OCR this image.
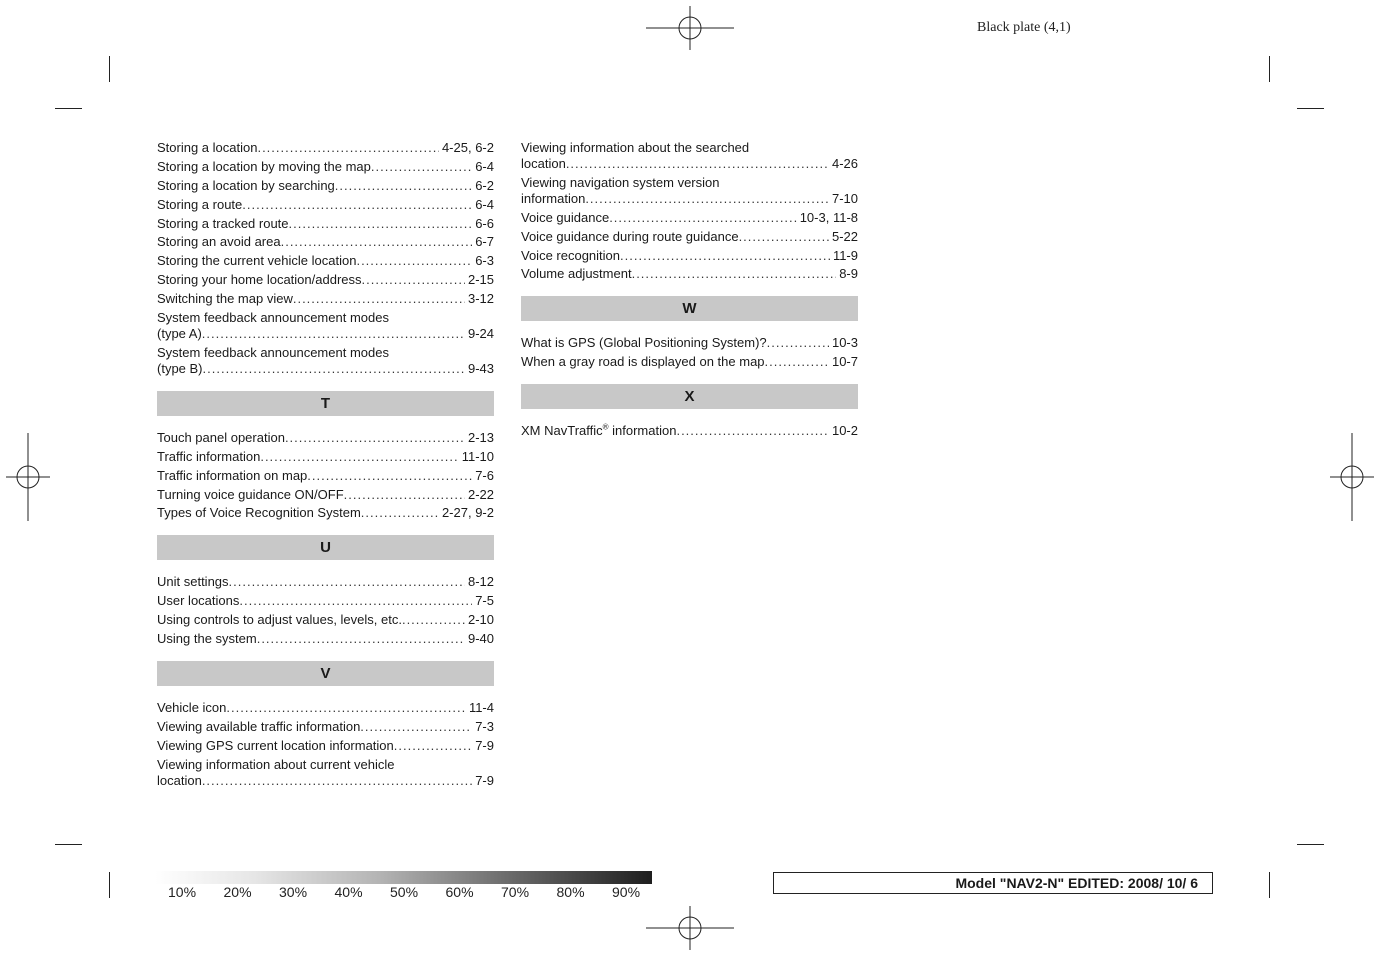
Black plate (4,1)
Storing a location .....	4-25, 6-2
Storing a location by moving the map .....	6-4
Storing a location by searching .....	6-2
Storing a route .....	6-4
Storing a tracked route .....	6-6
Storing an avoid area .....	6-7
Storing the current vehicle location .....	6-3
Storing your home location/address .....	2-15
Switching the map view .....	3-12
System feedback announcement modes
(type A) .....	9-24
System feedback announcement modes
(type B) .....	9-43
T
Touch panel operation .....	2-13
Traffic information .....	11-10
Traffic information on map .....	7-6
Turning voice guidance ON/OFF .....	2-22
Types of Voice Recognition System .....	2-27, 9-2
U
Unit settings .....	8-12
User locations .....	7-5
Using controls to adjust values, levels, etc. .....	2-10
Using the system .....	9-40
V
Vehicle icon .....	11-4
Viewing available traffic information .....	7-3
Viewing GPS current location information .....	7-9
Viewing information about current vehicle
location .....	7-9
Viewing information about the searched
location .....	4-26
Viewing navigation system version
information .....	7-10
Voice guidance .....	10-3, 11-8
Voice guidance during route guidance .....	5-22
Voice recognition .....	11-9
Volume adjustment .....	8-9
W
What is GPS (Global Positioning System)? .....	10-3
When a gray road is displayed on the map .....	10-7
X
XM NavTraffic® information .....	10-2
10% 20% 30% 40% 50% 60% 70% 80% 90%
Model "NAV2-N" EDITED: 2008/ 10/ 6
